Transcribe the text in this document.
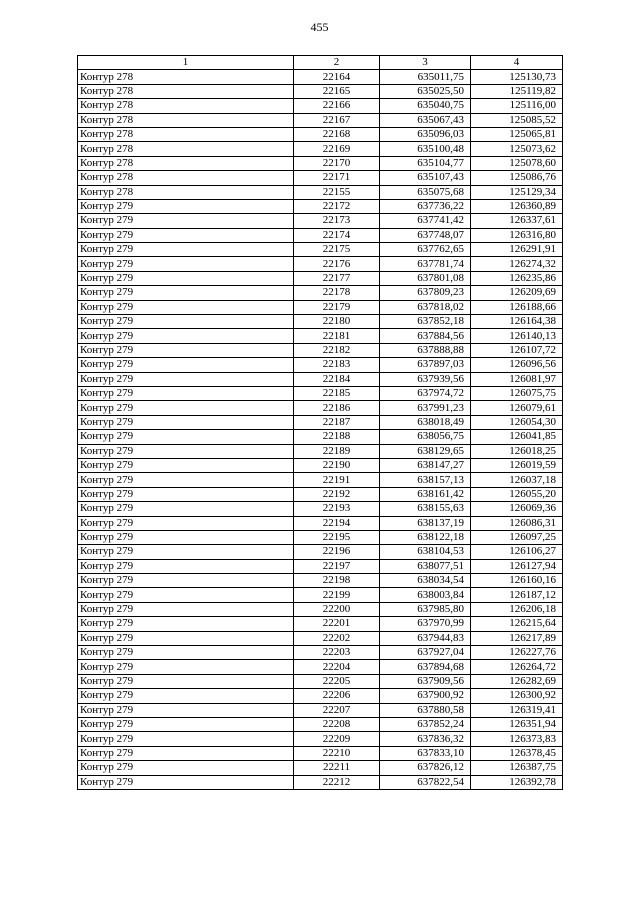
455
1	2	3	4
Контур 278	22164	635011,75	125130,73
Контур 278	22165	635025,50	125119,82
Контур 278	22166	635040,75	125116,00
Контур 278	22167	635067,43	125085,52
Контур 278	22168	635096,03	125065,81
Контур 278	22169	635100,48	125073,62
Контур 278	22170	635104,77	125078,60
Контур 278	22171	635107,43	125086,76
Контур 278	22155	635075,68	125129,34
Контур 279	22172	637736,22	126360,89
Контур 279	22173	637741,42	126337,61
Контур 279	22174	637748,07	126316,80
Контур 279	22175	637762,65	126291,91
Контур 279	22176	637781,74	126274,32
Контур 279	22177	637801,08	126235,86
Контур 279	22178	637809,23	126209,69
Контур 279	22179	637818,02	126188,66
Контур 279	22180	637852,18	126164,38
Контур 279	22181	637884,56	126140,13
Контур 279	22182	637888,88	126107,72
Контур 279	22183	637897,03	126096,56
Контур 279	22184	637939,56	126081,97
Контур 279	22185	637974,72	126075,75
Контур 279	22186	637991,23	126079,61
Контур 279	22187	638018,49	126054,30
Контур 279	22188	638056,75	126041,85
Контур 279	22189	638129,65	126018,25
Контур 279	22190	638147,27	126019,59
Контур 279	22191	638157,13	126037,18
Контур 279	22192	638161,42	126055,20
Контур 279	22193	638155,63	126069,36
Контур 279	22194	638137,19	126086,31
Контур 279	22195	638122,18	126097,25
Контур 279	22196	638104,53	126106,27
Контур 279	22197	638077,51	126127,94
Контур 279	22198	638034,54	126160,16
Контур 279	22199	638003,84	126187,12
Контур 279	22200	637985,80	126206,18
Контур 279	22201	637970,99	126215,64
Контур 279	22202	637944,83	126217,89
Контур 279	22203	637927,04	126227,76
Контур 279	22204	637894,68	126264,72
Контур 279	22205	637909,56	126282,69
Контур 279	22206	637900,92	126300,92
Контур 279	22207	637880,58	126319,41
Контур 279	22208	637852,24	126351,94
Контур 279	22209	637836,32	126373,83
Контур 279	22210	637833,10	126378,45
Контур 279	22211	637826,12	126387,75
Контур 279	22212	637822,54	126392,78
